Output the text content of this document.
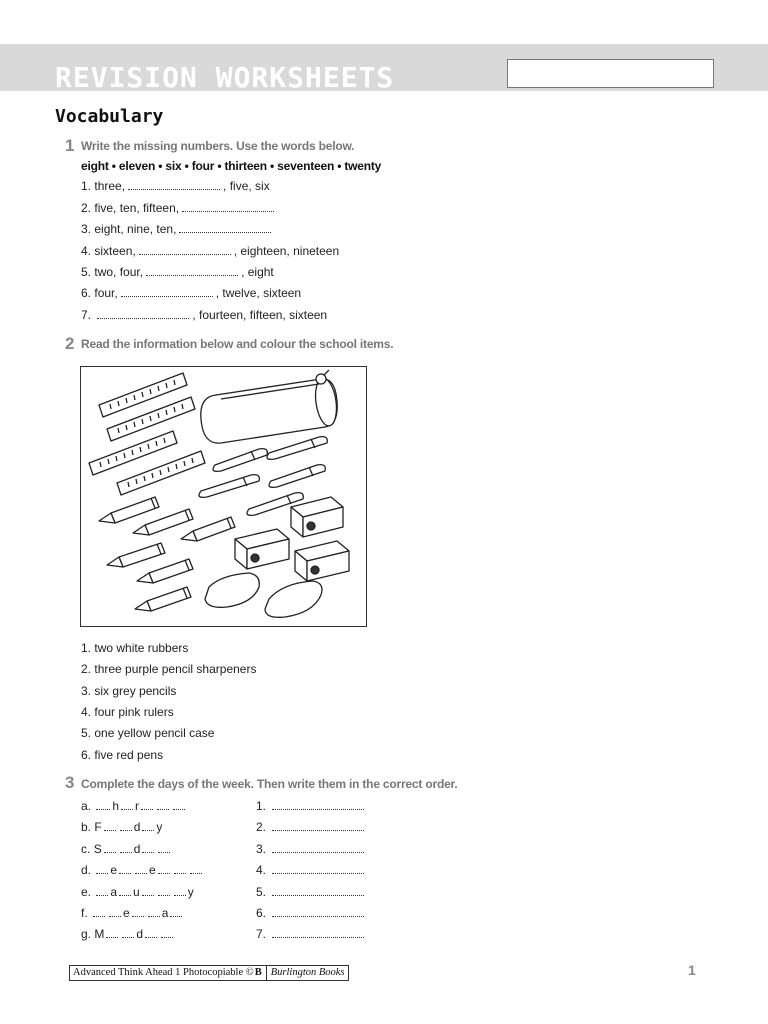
REVISION WORKSHEETS
Vocabulary
1 Write the missing numbers. Use the words below.
eight • eleven • six • four • thirteen • seventeen • twenty
1.
three,	, five, six
2.
five, ten, fifteen,
3.
eight, nine, ten,
4.
sixteen,	, eighteen, nineteen
5.
two, four,	, eight
6.
four,	, twelve, sixteen
7.
	, fourteen, fifteen, sixteen
2 Read the information below and colour the school items.
1.
two white rubbers
2.
three purple pencil sharpeners
3.
six grey pencils
4.
four pink rulers
5.
one yellow pencil case
6.
five red pens
3 Complete the days of the week. Then write them in the correct order.
a.
h r
b.
F	d y
c.
S	d
d.
e	e
e.
a u	y
f.
	e	a
g.
M	d
1.
2.
3.
4.
5.
6.
7.
Advanced Think Ahead 1 Photocopiable © B Burlington Books	1
